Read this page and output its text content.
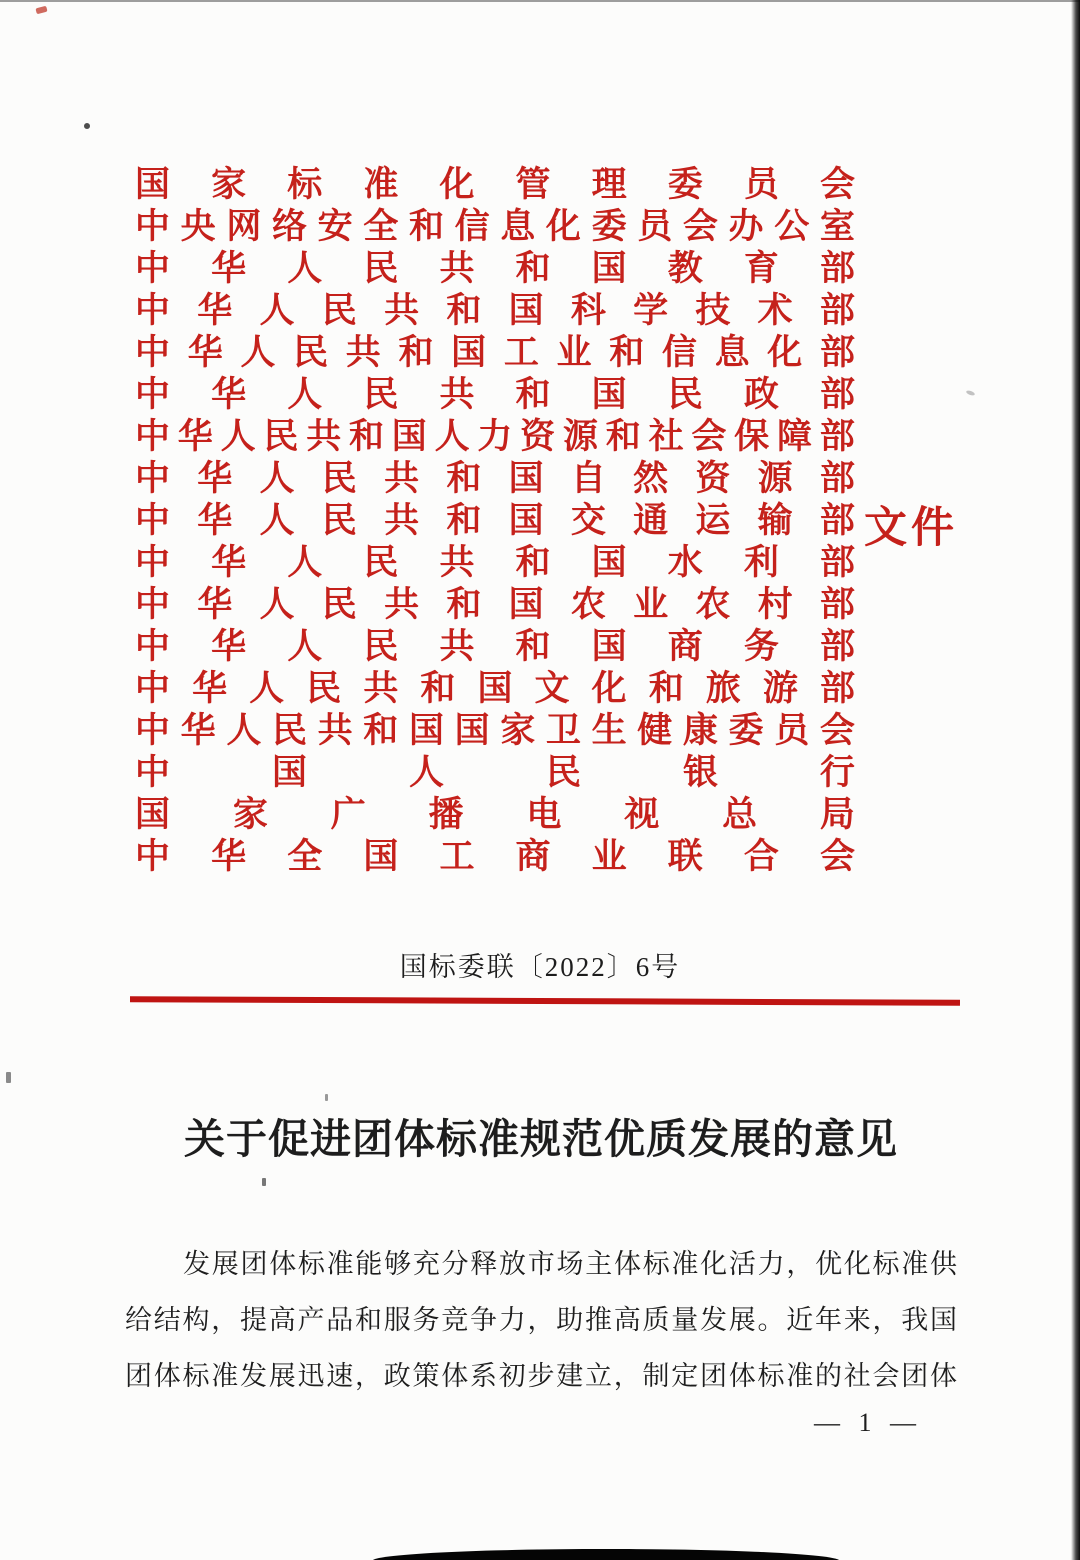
国 家 标 准 化 管 理 委 员 会
中 央 网 络 安 全 和 信 息 化 委 员 会 办 公 室
中 华 人 民 共 和 国 教 育 部
中 华 人 民 共 和 国 科 学 技 术 部
中 华 人 民 共 和 国 工 业 和 信 息 化 部
中 华 人 民 共 和 国 民 政 部
中 华 人 民 共 和 国 人 力 资 源 和 社 会 保 障 部
中 华 人 民 共 和 国 自 然 资 源 部
中 华 人 民 共 和 国 交 通 运 输 部
中 华 人 民 共 和 国 水 利 部
中 华 人 民 共 和 国 农 业 农 村 部
中 华 人 民 共 和 国 商 务 部
中 华 人 民 共 和 国 文 化 和 旅 游 部
中 华 人 民 共 和 国 国 家 卫 生 健 康 委 员 会
中	国	人	民	银	行
国 家 广 播 电 视 总 局
中 华 全 国 工 商 业 联 合 会
文件
国标委联〔2022〕6号
关于促进团体标准规范优质发展的意见
发展团体标准能够充分释放市场主体标准化活力，优化标准供
给结构，提高产品和服务竞争力，助推高质量发展。近年来，我国
团体标准发展迅速，政策体系初步建立，制定团体标准的社会团体
— 1 —
